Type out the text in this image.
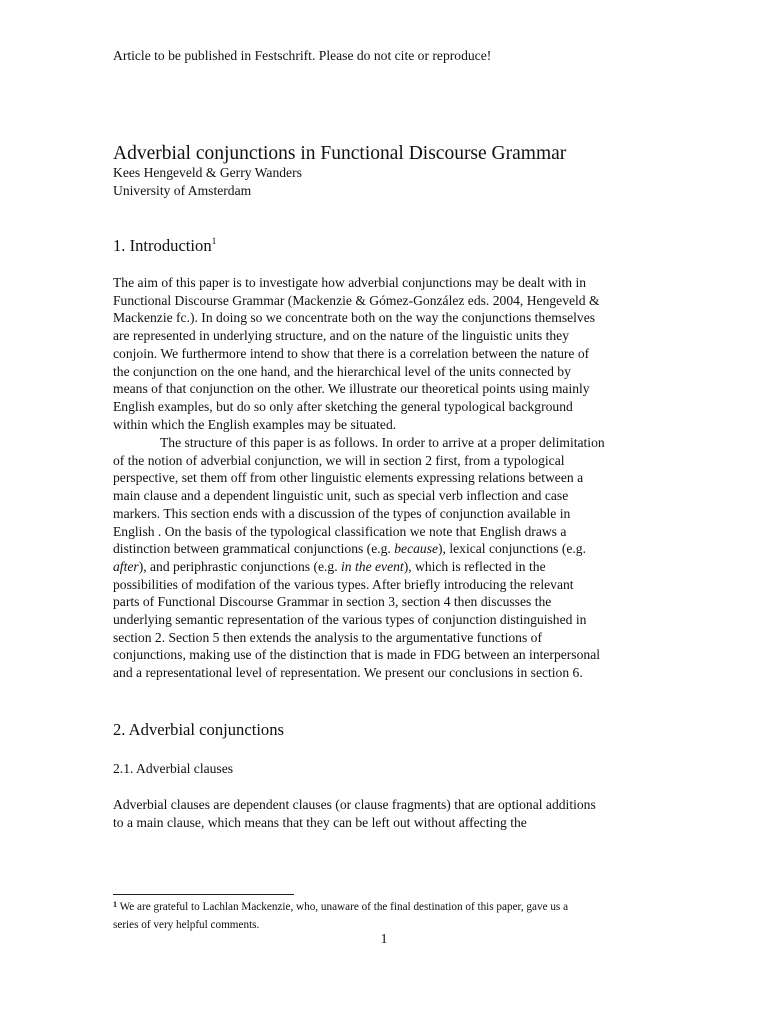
Article to be published in Festschrift. Please do not cite or reproduce!
Adverbial conjunctions in Functional Discourse Grammar
Kees Hengeveld & Gerry Wanders
University of Amsterdam
1. Introduction$^1$
The aim of this paper is to investigate how adverbial conjunctions may be dealt with in
Functional Discourse Grammar (Mackenzie & Gómez-González eds. 2004, Hengeveld &
Mackenzie fc.). In doing so we concentrate both on the way the conjunctions themselves
are represented in underlying structure, and on the nature of the linguistic units they
conjoin. We furthermore intend to show that there is a correlation between the nature of
the conjunction on the one hand, and the hierarchical level of the units connected by
means of that conjunction on the other. We illustrate our theoretical points using mainly
English examples, but do so only after sketching the general typological background
within which the English examples may be situated.
The structure of this paper is as follows. In order to arrive at a proper delimitation
of the notion of adverbial conjunction, we will in section 2 first, from a typological
perspective, set them off from other linguistic elements expressing relations between a
main clause and a dependent linguistic unit, such as special verb inflection and case
markers. This section ends with a discussion of the types of conjunction available in
English . On the basis of the typological classification we note that English draws a
distinction between grammatical conjunctions (e.g. because), lexical conjunctions (e.g.
after), and periphrastic conjunctions (e.g. in the event), which is reflected in the
possibilities of modifation of the various types. After briefly introducing the relevant
parts of Functional Discourse Grammar in section 3, section 4 then discusses the
underlying semantic representation of the various types of conjunction distinguished in
section 2. Section 5 then extends the analysis to the argumentative functions of
conjunctions, making use of the distinction that is made in FDG between an interpersonal
and a representational level of representation. We present our conclusions in section 6.
2. Adverbial conjunctions
2.1. Adverbial clauses
Adverbial clauses are dependent clauses (or clause fragments) that are optional additions
to a main clause, which means that they can be left out without affecting the
$^1$ We are grateful to Lachlan Mackenzie, who, unaware of the final destination of this paper, gave us a
series of very helpful comments.
1
